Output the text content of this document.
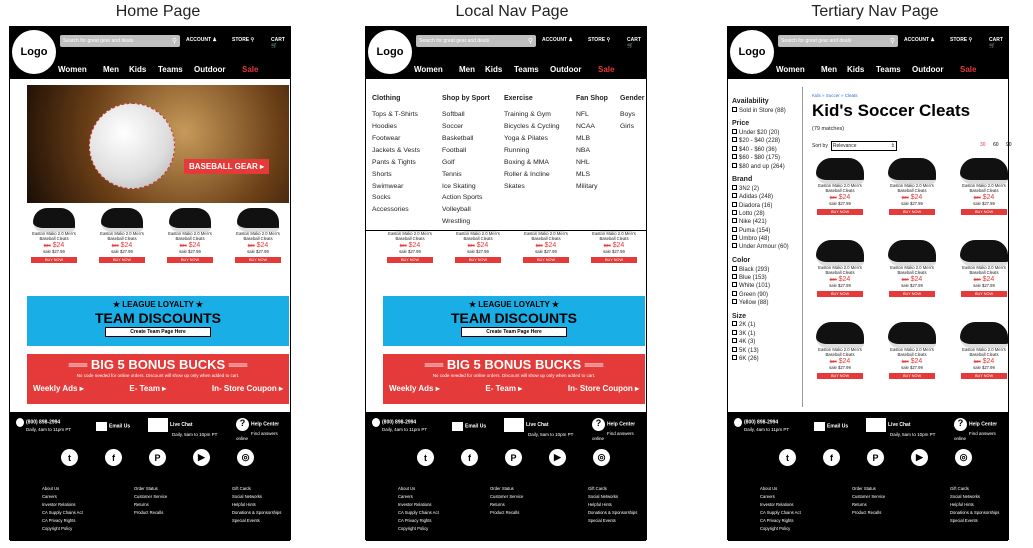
Home Page	Local Nav Page	Tertiary Nav Page
Logo
Search for great gear and deals	⚲ ACCOUNT ♟	STORE ⚲	CART 🛒
Women Men Kids Teams Outdoor Sale
BASEBALL GEAR ▸
Easton Mako 2.0 Men's Baseball Cleats
$30 $24
sale $27.99
BUY NOW
Easton Mako 2.0 Men's Baseball Cleats
$30 $24
sale $27.99
BUY NOW
Easton Mako 2.0 Men's Baseball Cleats
$30 $24
sale $27.99
BUY NOW
Easton Mako 2.0 Men's Baseball Cleats
$30 $24
sale $27.99
BUY NOW
★ LEAGUE LOYALTY ★
TEAM DISCOUNTS
Create Team Page Here
══ BIG 5 BONUS BUCKS ══
No code needed for online orders. Discount will show up only when added to cart.
Weekly Ads ▸	E- Team ▸	In- Store Coupon ▸
(800) 898-2994
Daily, 4am to 11pm PT	Email Us	Live Chat
Daily, 5am to 10pm PT
? Help Center
Find answers online
t	f	P	▶	◎
About Us
Careers
Investor Relations
CA Supply Chains Act
CA Privacy Rights
Copyright Policy
Order Status
Customer Service
Returns
Product Recalls
Gift Cards
Social Networks
Helpful Hints
Donations & Sponsorships
Special Events
Logo
Search for great gear and deals	⚲ ACCOUNT ♟	STORE ⚲	CART 🛒
Women Men Kids Teams Outdoor Sale
Easton Mako 2.0 Men's Baseball Cleats
$30 $24
sale $27.99
BUY NOW
Easton Mako 2.0 Men's Baseball Cleats
$30 $24
sale $27.99
BUY NOW
Easton Mako 2.0 Men's Baseball Cleats
$30 $24
sale $27.99
BUY NOW
Easton Mako 2.0 Men's Baseball Cleats
$30 $24
sale $27.99
BUY NOW
Clothing
Tops & T-Shirts
Hoodies
Footwear
Jackets & Vests
Pants & Tights
Shorts
Swimwear
Socks
Accessories
Shop by Sport
Softball
Soccer
Basketball
Football
Golf
Tennis
Ice Skating
Action Sports
Volleyball
Wrestling
Exercise
Training & Gym
Bicycles & Cycling
Yoga & Pilates
Running
Boxing & MMA
Roller & Incline
Skates
Fan Shop
NFL
NCAA
MLB
NBA
NHL
MLS
Military
Gender
Boys
Girls
★ LEAGUE LOYALTY ★
TEAM DISCOUNTS
Create Team Page Here
══ BIG 5 BONUS BUCKS ══
No code needed for online orders. Discount will show up only when added to cart.
Weekly Ads ▸	E- Team ▸	In- Store Coupon ▸
(800) 898-2994
Daily, 4am to 11pm PT	Email Us	Live Chat
Daily, 5am to 10pm PT
? Help Center
Find answers online
t	f	P	▶	◎
About Us
Careers
Investor Relations
CA Supply Chains Act
CA Privacy Rights
Copyright Policy
Order Status
Customer Service
Returns
Product Recalls
Gift Cards
Social Networks
Helpful Hints
Donations & Sponsorships
Special Events
Logo
Search for great gear and deals	⚲ ACCOUNT ♟	STORE ⚲	CART 🛒
Women Men Kids Teams Outdoor Sale
Availability
Sold in Store (88)
Price
Under $20 (20)
$20 - $40 (228)
$40 - $60 (36)
$60 - $80 (175)
$80 and up (264)
Brand
3N2 (2)
Adidas (248)
Diadora (16)
Lotto (28)
Nike (421)
Puma (154)
Umbro (48)
Under Armour (60)
Color
Black (293)
Blue (153)
White (101)
Green (90)
Yellow (88)
Size
2K (1)
3K (1)
4K (3)
5K (13)
6K (26)
Kids » Soccer » Cleats
Kid's Soccer Cleats
(79 matches)
Sort by Relevance	⇕	30 60 90
Easton Mako 2.0 Men's Baseball Cleats
$30 $24
sale $27.99
BUY NOW
Easton Mako 2.0 Men's Baseball Cleats
$30 $24
sale $27.99
BUY NOW
Easton Mako 2.0 Men's Baseball Cleats
$30 $24
sale $27.99
BUY NOW
Easton Mako 2.0 Men's Baseball Cleats
$30 $24
sale $27.99
BUY NOW
Easton Mako 2.0 Men's Baseball Cleats
$30 $24
sale $27.99
BUY NOW
Easton Mako 2.0 Men's Baseball Cleats
$30 $24
sale $27.99
BUY NOW
Easton Mako 2.0 Men's Baseball Cleats
$30 $24
sale $27.99
BUY NOW
Easton Mako 2.0 Men's Baseball Cleats
$30 $24
sale $27.99
BUY NOW
Easton Mako 2.0 Men's Baseball Cleats
$30 $24
sale $27.99
BUY NOW
(800) 898-2994
Daily, 4am to 11pm PT	Email Us	Live Chat
Daily, 5am to 10pm PT
? Help Center
Find answers online
t	f	P	▶	◎
About Us
Careers
Investor Relations
CA Supply Chains Act
CA Privacy Rights
Copyright Policy
Order Status
Customer Service
Returns
Product Recalls
Gift Cards
Social Networks
Helpful Hints
Donations & Sponsorships
Special Events
